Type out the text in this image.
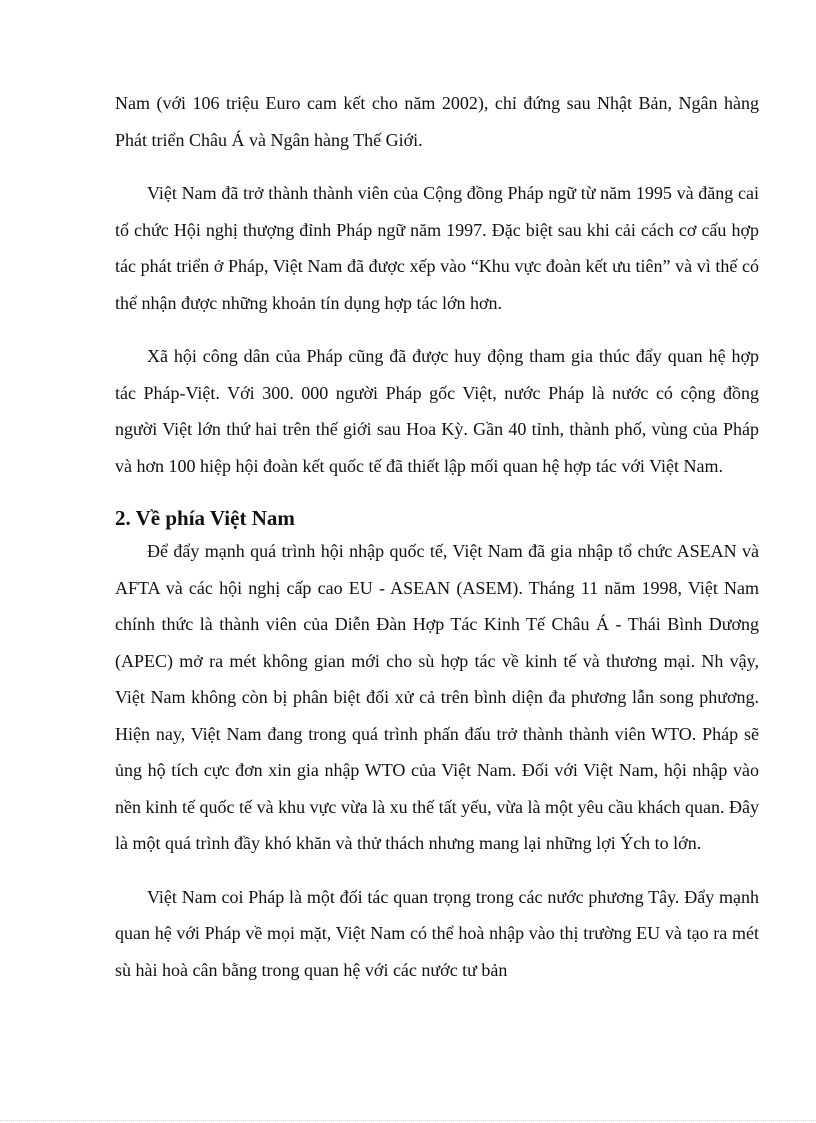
Nam (với 106 triệu Euro cam kết cho năm 2002), chỉ đứng sau Nhật Bản, Ngân hàng Phát triển Châu Á và Ngân hàng Thế Giới.

Việt Nam đã trở thành thành viên của Cộng đồng Pháp ngữ từ năm 1995 và đăng cai tổ chức Hội nghị thượng đỉnh Pháp ngữ năm 1997. Đặc biệt sau khi cải cách cơ cấu hợp tác phát triển ở Pháp, Việt Nam đã được xếp vào “Khu vực đoàn kết ưu tiên” và vì thế có thể nhận được những khoản tín dụng hợp tác lớn hơn.

Xã hội công dân của Pháp cũng đã được huy động tham gia thúc đẩy quan hệ hợp tác Pháp-Việt. Với 300. 000 người Pháp gốc Việt, nước Pháp là nước có cộng đồng người Việt lớn thứ hai trên thế giới sau Hoa Kỳ. Gần 40 tỉnh, thành phố, vùng của Pháp và hơn 100 hiệp hội đoàn kết quốc tế đã thiết lập mối quan hệ hợp tác với Việt Nam.

2. Về phía Việt Nam

Để đẩy mạnh quá trình hội nhập quốc tế, Việt Nam đã gia nhập tổ chức ASEAN và AFTA và các hội nghị cấp cao EU - ASEAN (ASEM). Tháng 11 năm 1998, Việt Nam chính thức là thành viên của Diễn Đàn Hợp Tác Kinh Tế Châu Á - Thái Bình Dương (APEC) mở ra mét không gian mới cho sù hợp tác về kinh tế và thương mại. Nh vậy, Việt Nam không còn bị phân biệt đối xử cả trên bình diện đa phương lẫn song phương. Hiện nay, Việt Nam đang trong quá trình phấn đấu trở thành thành viên WTO. Pháp sẽ ủng hộ tích cực đơn xin gia nhập WTO của Việt Nam. Đối với Việt Nam, hội nhập vào nền kinh tế quốc tế và khu vực vừa là xu thế tất yếu, vừa là một yêu cầu khách quan. Đây là một quá trình đầy khó khăn và thử thách nhưng mang lại những lợi Ých to lớn.

Việt Nam coi Pháp là một đối tác quan trọng trong các nước phương Tây. Đẩy mạnh quan hệ với Pháp về mọi mặt, Việt Nam có thể hoà nhập vào thị trường EU và tạo ra mét sù hài hoà cân bằng trong quan hệ với các nước tư bản
